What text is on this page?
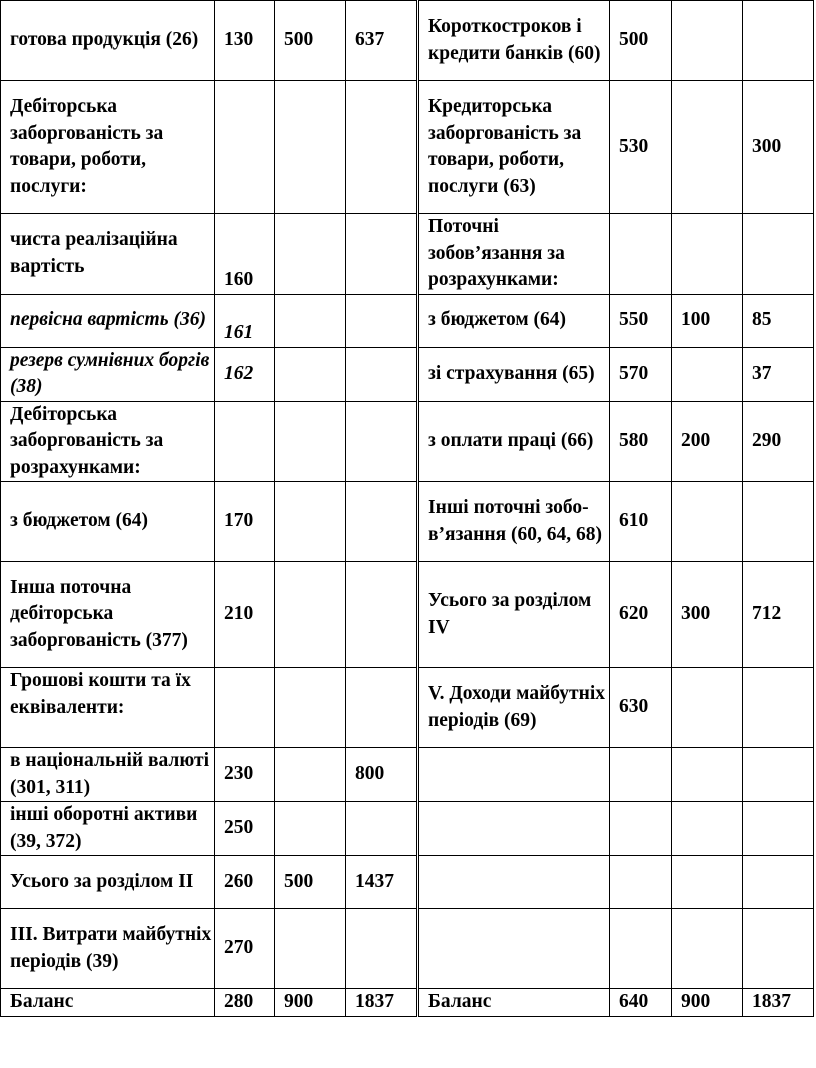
готова продукція (26)	130	500	637	Короткостроков і кредити банків (60)	500		
Дебіторська заборгованість за товари, роботи, послуги:				Кредиторська заборгованість за товари, роботи, послуги (63)	530		300
чиста реалізаційна вартість	160			Поточні зобов’язання за розрахунками:			
первісна вартість (36)	161			з бюджетом (64)	550	100	85
резерв сумнівних боргів (38)	162			зі страхування (65)	570		37
Дебіторська заборгованість за розрахунками:				з оплати праці (66)	580	200	290
з бюджетом (64)	170			Інші поточні зобо-в’язання (60, 64, 68)	610		
Інша поточна дебіторська заборгованість (377)	210			Усього за розділом IV	620	300	712
Грошові кошти та їх еквіваленти:				V. Доходи майбутніх періодів (69)	630		
в національній валюті (301, 311)	230		800				
інші оборотні активи (39, 372)	250						
Усього за розділом II	260	500	1437				
III. Витрати майбутніх періодів (39)	270						
Баланс	280	900	1837	Баланс	640	900	1837
